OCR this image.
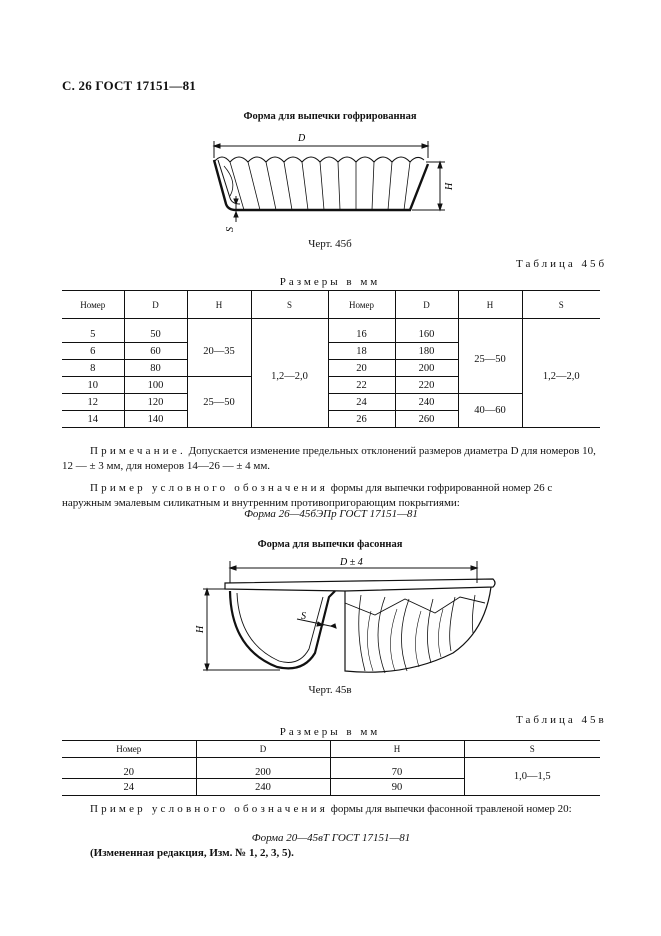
С. 26 ГОСТ 17151—81
Форма для выпечки гофрированная
D
H
S
Черт. 45б
Таблица 45б
Размеры в мм
Номер	D	H	S	Номер	D	H	S

5	50	20—35	1,2—2,0	16	160	25—50	1,2—2,0
6	60			18	180		
8	80			20	200		
10	100	25—50		22	220		
12	120			24	240	40—60	
14	140			26	260		
Примечание. Допускается изменение предельных отклонений размеров диаметра D для номеров 10, 12 — ± 3 мм, для номеров 14—26 — ± 4 мм.
Пример условного обозначения формы для выпечки гофрированной номер 26 с наружным эмалевым силикатным и внутренним противопригорающим покрытиями:
Форма 26—45бЭПр ГОСТ 17151—81
Форма для выпечки фасонная
D ± 4
H
S
Черт. 45в
Таблица 45в
Размеры в мм
Номер	D	H	S
20	200	70	1,0—1,5
24	240	90	
Пример условного обозначения формы для выпечки фасонной травленой номер 20:
Форма 20—45вТ ГОСТ 17151—81
(Измененная редакция, Изм. № 1, 2, 3, 5).
